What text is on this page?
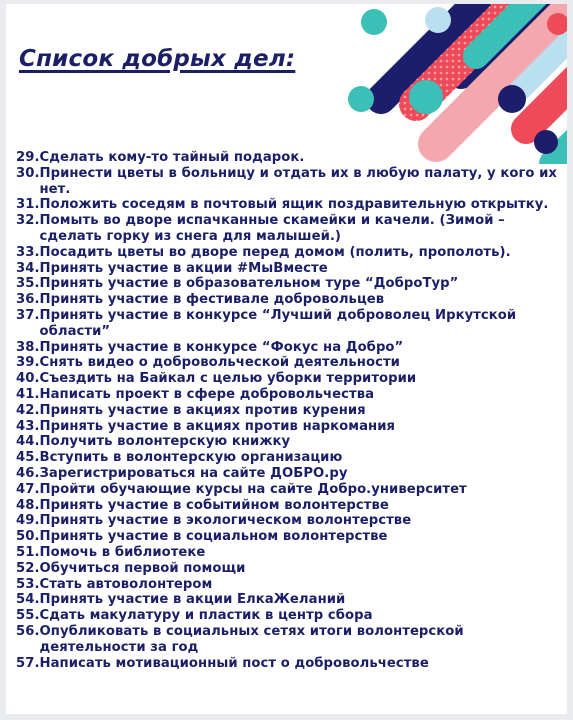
Список добрых дел:
29. Сделать кому-то тайный подарок.
30. Принести цветы в больницу и отдать их в любую палату, у кого их нет.
31. Положить соседям в почтовый ящик поздравительную открытку.
32. Помыть во дворе испачканные скамейки и качели. (Зимой – сделать горку из снега для малышей.)
33. Посадить цветы во дворе перед домом (полить, прополоть).
34. Принять участие в акции #МыВместе
35. Принять участие в образовательном туре “ДоброТур”
36. Принять участие в фестивале добровольцев
37. Принять участие в конкурсе “Лучший доброволец Иркутской области”
38. Принять участие в конкурсе “Фокус на Добро”
39. Снять видео о добровольческой деятельности
40. Съездить на Байкал с целью уборки территории
41. Написать проект в сфере добровольчества
42. Принять участие в акциях против курения
43. Принять участие в акциях против наркомания
44. Получить волонтерскую книжку
45. Вступить в волонтерскую организацию
46. Зарегистрироваться на сайте ДОБРО.ру
47. Пройти обучающие курсы на сайте Добро.университет
48. Принять участие в событийном волонтерстве
49. Принять участие в экологическом волонтерстве
50. Принять участие в социальном волонтерстве
51. Помочь в библиотеке
52. Обучиться первой помощи
53. Стать автоволонтером
54. Принять участие в акции ЕлкаЖеланий
55. Сдать макулатуру и пластик в центр сбора
56. Опубликовать в социальных сетях итоги волонтерской деятельности за год
57. Написать мотивационный пост о добровольчестве
